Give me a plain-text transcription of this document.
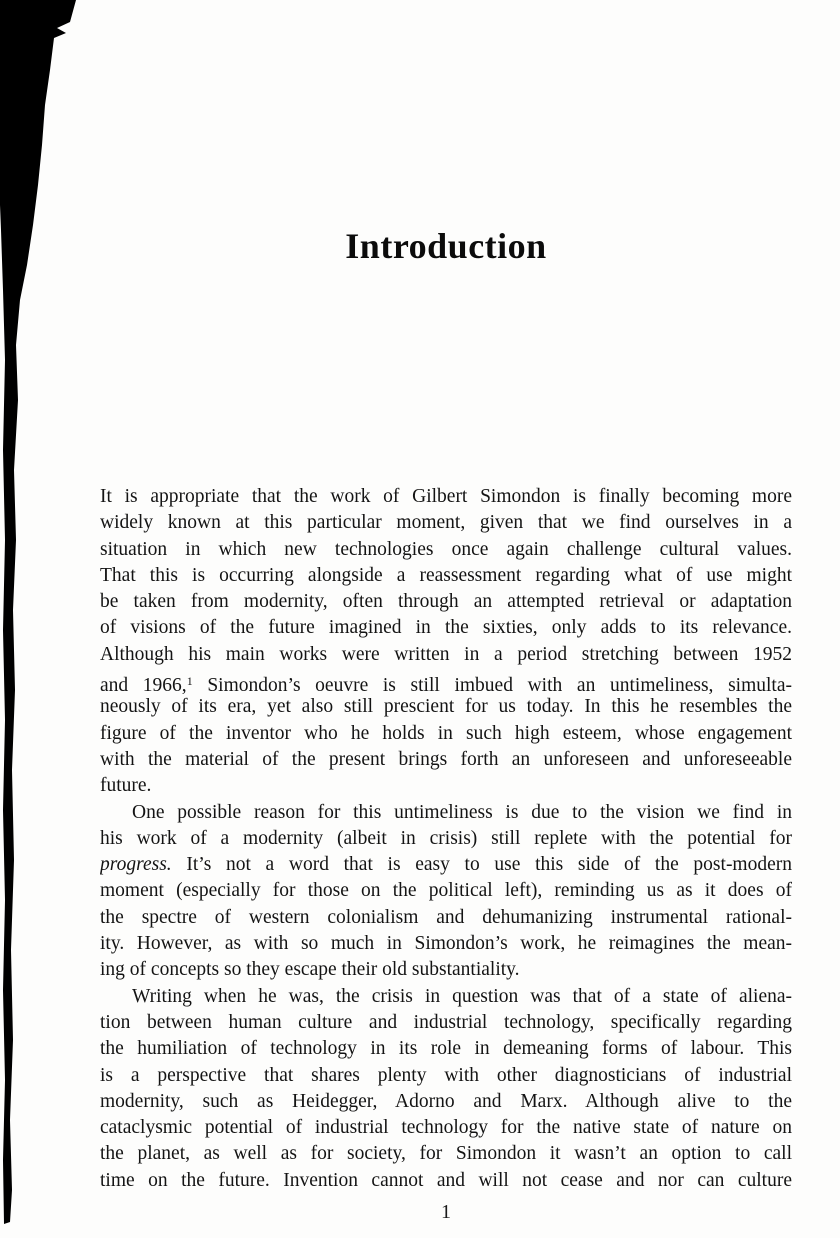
Introduction
It is appropriate that the work of Gilbert Simondon is finally becoming more
widely known at this particular moment, given that we find ourselves in a
situation in which new technologies once again challenge cultural values.
That this is occurring alongside a reassessment regarding what of use might
be taken from modernity, often through an attempted retrieval or adaptation
of visions of the future imagined in the sixties, only adds to its relevance.
Although his main works were written in a period stretching between 1952
and 1966,$^1$ Simondon’s oeuvre is still imbued with an untimeliness, simulta-
neously of its era, yet also still prescient for us today. In this he resembles the
figure of the inventor who he holds in such high esteem, whose engagement
with the material of the present brings forth an unforeseen and unforeseeable
future.
One possible reason for this untimeliness is due to the vision we find in
his work of a modernity (albeit in crisis) still replete with the potential for
progress. It’s not a word that is easy to use this side of the post-modern
moment (especially for those on the political left), reminding us as it does of
the spectre of western colonialism and dehumanizing instrumental rational-
ity. However, as with so much in Simondon’s work, he reimagines the mean-
ing of concepts so they escape their old substantiality.
Writing when he was, the crisis in question was that of a state of aliena-
tion between human culture and industrial technology, specifically regarding
the humiliation of technology in its role in demeaning forms of labour. This
is a perspective that shares plenty with other diagnosticians of industrial
modernity, such as Heidegger, Adorno and Marx. Although alive to the
cataclysmic potential of industrial technology for the native state of nature on
the planet, as well as for society, for Simondon it wasn’t an option to call
time on the future. Invention cannot and will not cease and nor can culture
1
